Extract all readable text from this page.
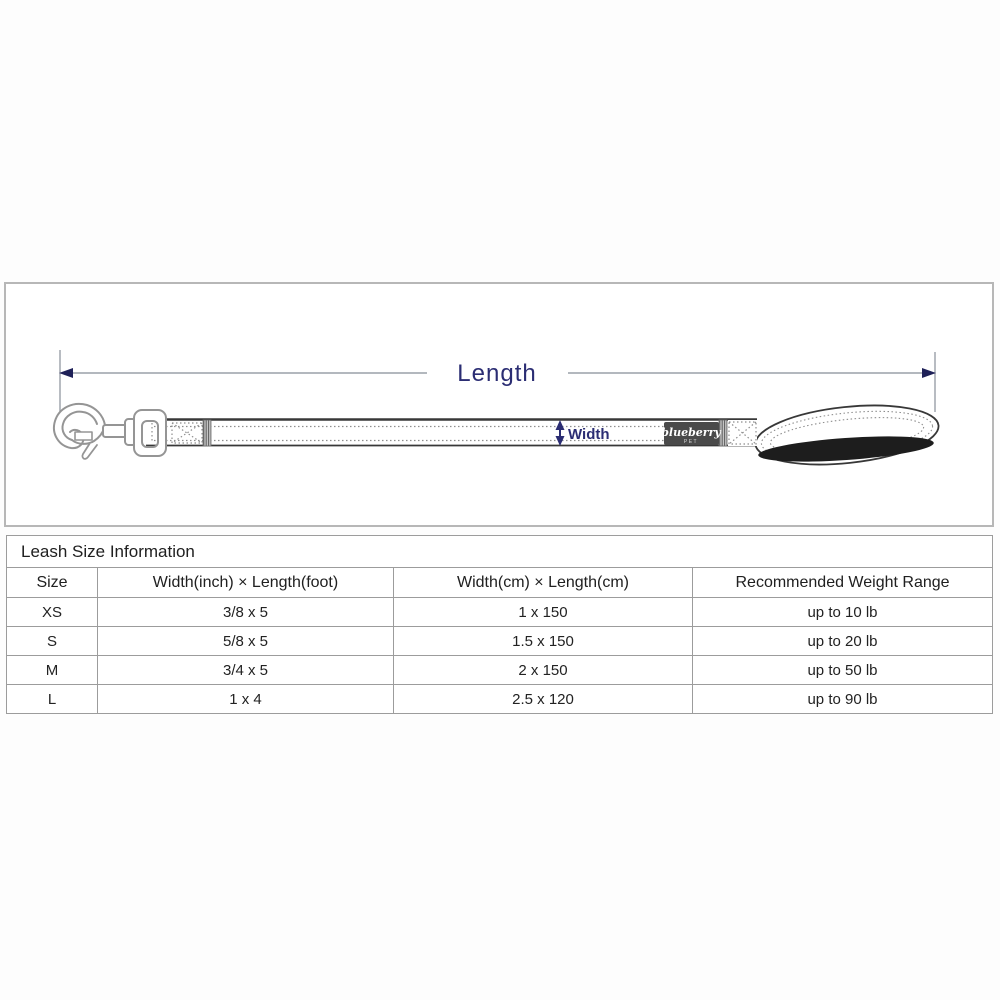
Length
Width	blueberry
PET
Leash Size Information			
Size	Width(inch) × Length(foot)	Width(cm) × Length(cm)	Recommended Weight Range
XS	3/8 x 5	1 x 150	up to 10 lb
S	5/8 x 5	1.5 x 150	up to 20 lb
M	3/4 x 5	2 x 150	up to 50 lb
L	1 x 4	2.5 x 120	up to 90 lb
